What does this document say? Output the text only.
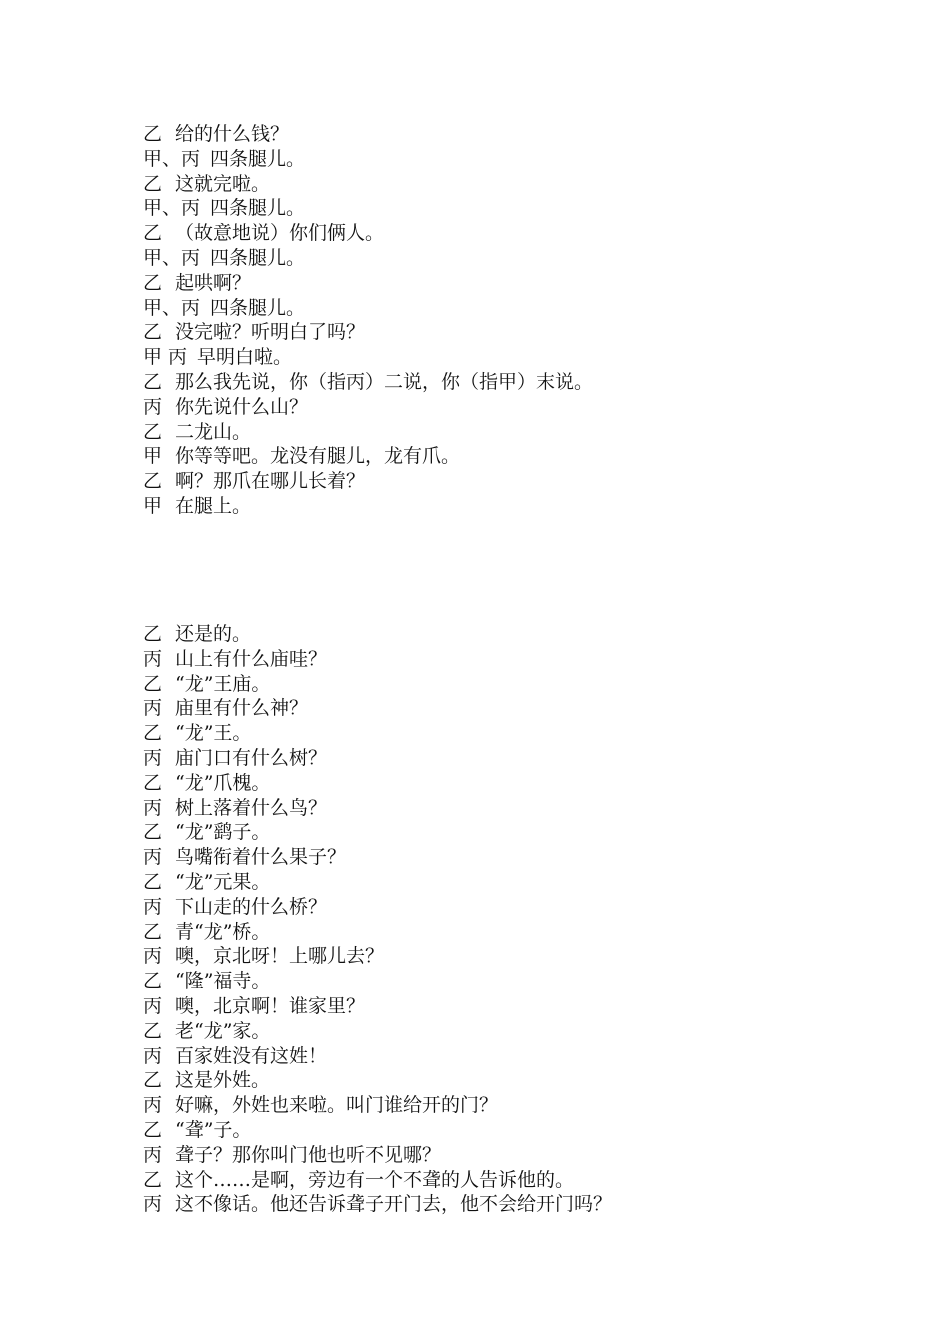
乙 给的什么钱？
甲、丙 四条腿儿。
乙 这就完啦。
甲、丙 四条腿儿。
乙 （故意地说）你们俩人。
甲、丙 四条腿儿。
乙 起哄啊？
甲、丙 四条腿儿。
乙 没完啦？听明白了吗？
甲 丙 早明白啦。
乙 那么我先说，你（指丙）二说，你（指甲）末说。
丙 你先说什么山？
乙 二龙山。
甲 你等等吧。龙没有腿儿，龙有爪。
乙 啊？那爪在哪儿长着？
甲 在腿上。
乙 还是的。
丙 山上有什么庙哇？
乙 “龙”王庙。
丙 庙里有什么神？
乙 “龙”王。
丙 庙门口有什么树？
乙 “龙”爪槐。
丙 树上落着什么鸟？
乙 “龙”鹞子。
丙 鸟嘴衔着什么果子？
乙 “龙”元果。
丙 下山走的什么桥？
乙 青“龙”桥。
丙 噢，京北呀！上哪儿去？
乙 “隆”福寺。
丙 噢，北京啊！谁家里？
乙 老“龙”家。
丙 百家姓没有这姓！
乙 这是外姓。
丙 好嘛，外姓也来啦。叫门谁给开的门？
乙 “聋”子。
丙 聋子？那你叫门他也听不见哪？
乙 这个……是啊，旁边有一个不聋的人告诉他的。
丙 这不像话。他还告诉聋子开门去，他不会给开门吗？
